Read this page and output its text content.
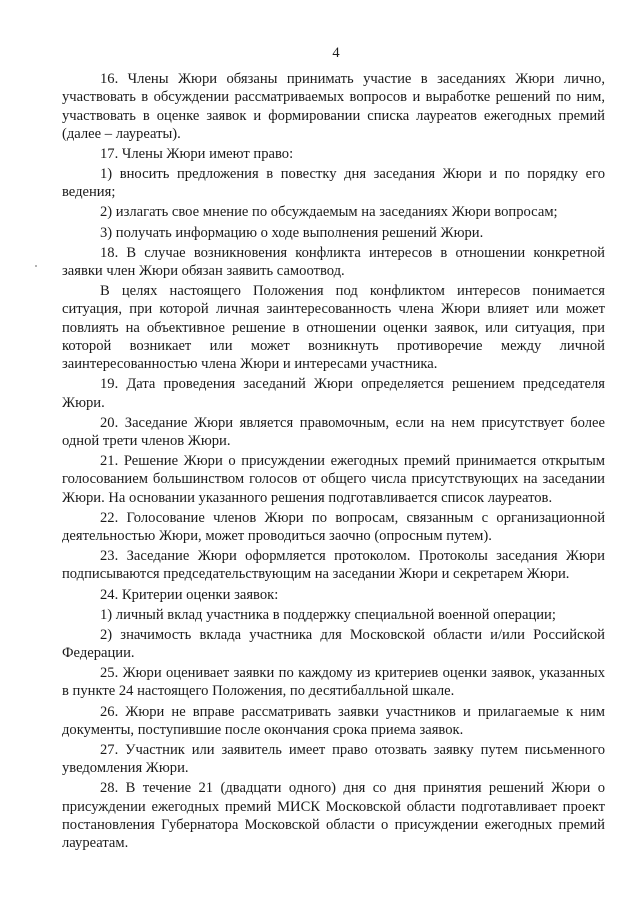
4

16. Члены Жюри обязаны принимать участие в заседаниях Жюри лично, участвовать в обсуждении рассматриваемых вопросов и выработке решений по ним, участвовать в оценке заявок и формировании списка лауреатов ежегодных премий (далее – лауреаты).

17. Члены Жюри имеют право:

1) вносить предложения в повестку дня заседания Жюри и по порядку его ведения;

2) излагать свое мнение по обсуждаемым на заседаниях Жюри вопросам;

3) получать информацию о ходе выполнения решений Жюри.

18. В случае возникновения конфликта интересов в отношении конкретной заявки член Жюри обязан заявить самоотвод.

В целях настоящего Положения под конфликтом интересов понимается ситуация, при которой личная заинтересованность члена Жюри влияет или может повлиять на объективное решение в отношении оценки заявок, или ситуация, при которой возникает или может возникнуть противоречие между личной заинтересованностью члена Жюри и интересами участника.

19. Дата проведения заседаний Жюри определяется решением председателя Жюри.

20. Заседание Жюри является правомочным, если на нем присутствует более одной трети членов Жюри.

21. Решение Жюри о присуждении ежегодных премий принимается открытым голосованием большинством голосов от общего числа присутствующих на заседании Жюри. На основании указанного решения подготавливается список лауреатов.

22. Голосование членов Жюри по вопросам, связанным с организационной деятельностью Жюри, может проводиться заочно (опросным путем).

23. Заседание Жюри оформляется протоколом. Протоколы заседания Жюри подписываются председательствующим на заседании Жюри и секретарем Жюри.

24. Критерии оценки заявок:

1) личный вклад участника в поддержку специальной военной операции;

2) значимость вклада участника для Московской области и/или Российской Федерации.

25. Жюри оценивает заявки по каждому из критериев оценки заявок, указанных в пункте 24 настоящего Положения, по десятибалльной шкале.

26. Жюри не вправе рассматривать заявки участников и прилагаемые к ним документы, поступившие после окончания срока приема заявок.

27. Участник или заявитель имеет право отозвать заявку путем письменного уведомления Жюри.

28. В течение 21 (двадцати одного) дня со дня принятия решений Жюри о присуждении ежегодных премий МИСК Московской области подготавливает проект постановления Губернатора Московской области о присуждении ежегодных премий лауреатам.
